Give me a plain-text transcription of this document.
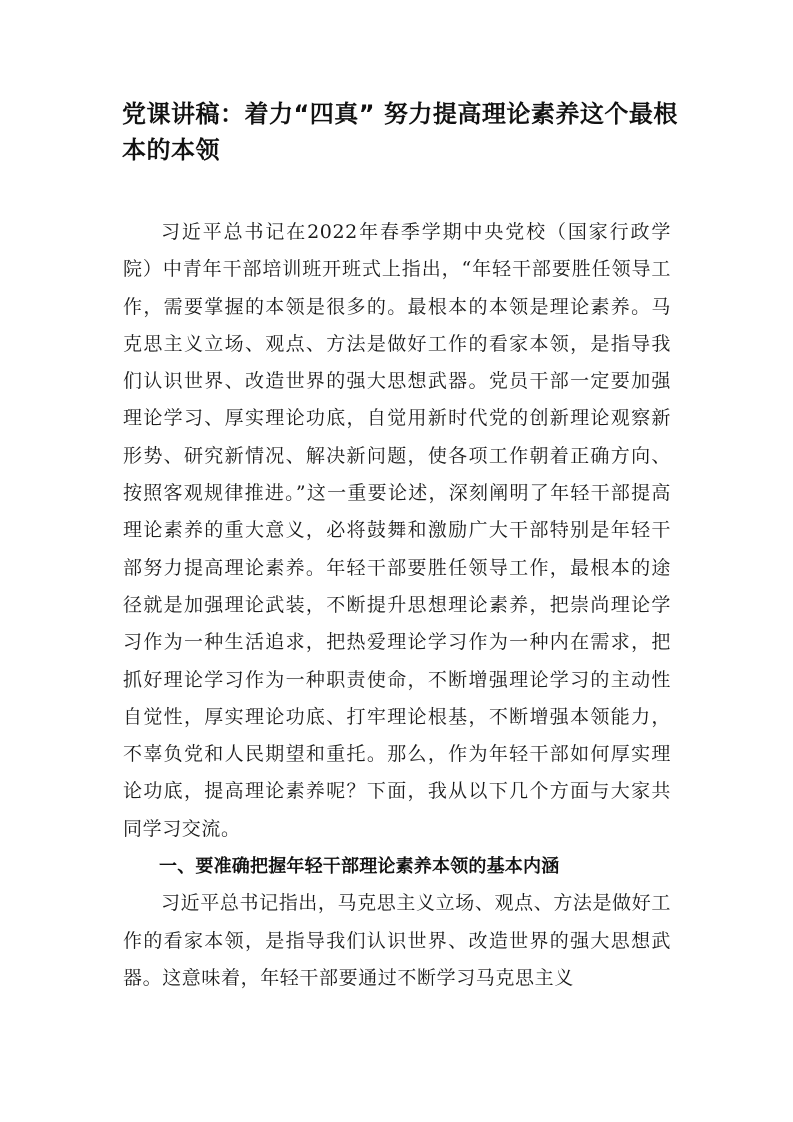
党课讲稿：着力“四真” 努力提高理论素养这个最根本的本领

习近平总书记在2022年春季学期中央党校（国家行政学院）中青年干部培训班开班式上指出，“年轻干部要胜任领导工作，需要掌握的本领是很多的。最根本的本领是理论素养。马克思主义立场、观点、方法是做好工作的看家本领，是指导我们认识世界、改造世界的强大思想武器。党员干部一定要加强理论学习、厚实理论功底，自觉用新时代党的创新理论观察新形势、研究新情况、解决新问题，使各项工作朝着正确方向、按照客观规律推进。”这一重要论述，深刻阐明了年轻干部提高理论素养的重大意义，必将鼓舞和激励广大干部特别是年轻干部努力提高理论素养。年轻干部要胜任领导工作，最根本的途径就是加强理论武装，不断提升思想理论素养，把崇尚理论学习作为一种生活追求，把热爱理论学习作为一种内在需求，把抓好理论学习作为一种职责使命，不断增强理论学习的主动性自觉性，厚实理论功底、打牢理论根基，不断增强本领能力，不辜负党和人民期望和重托。那么，作为年轻干部如何厚实理论功底，提高理论素养呢？下面，我从以下几个方面与大家共同学习交流。

一、要准确把握年轻干部理论素养本领的基本内涵

习近平总书记指出，马克思主义立场、观点、方法是做好工作的看家本领，是指导我们认识世界、改造世界的强大思想武器。这意味着，年轻干部要通过不断学习马克思主义
